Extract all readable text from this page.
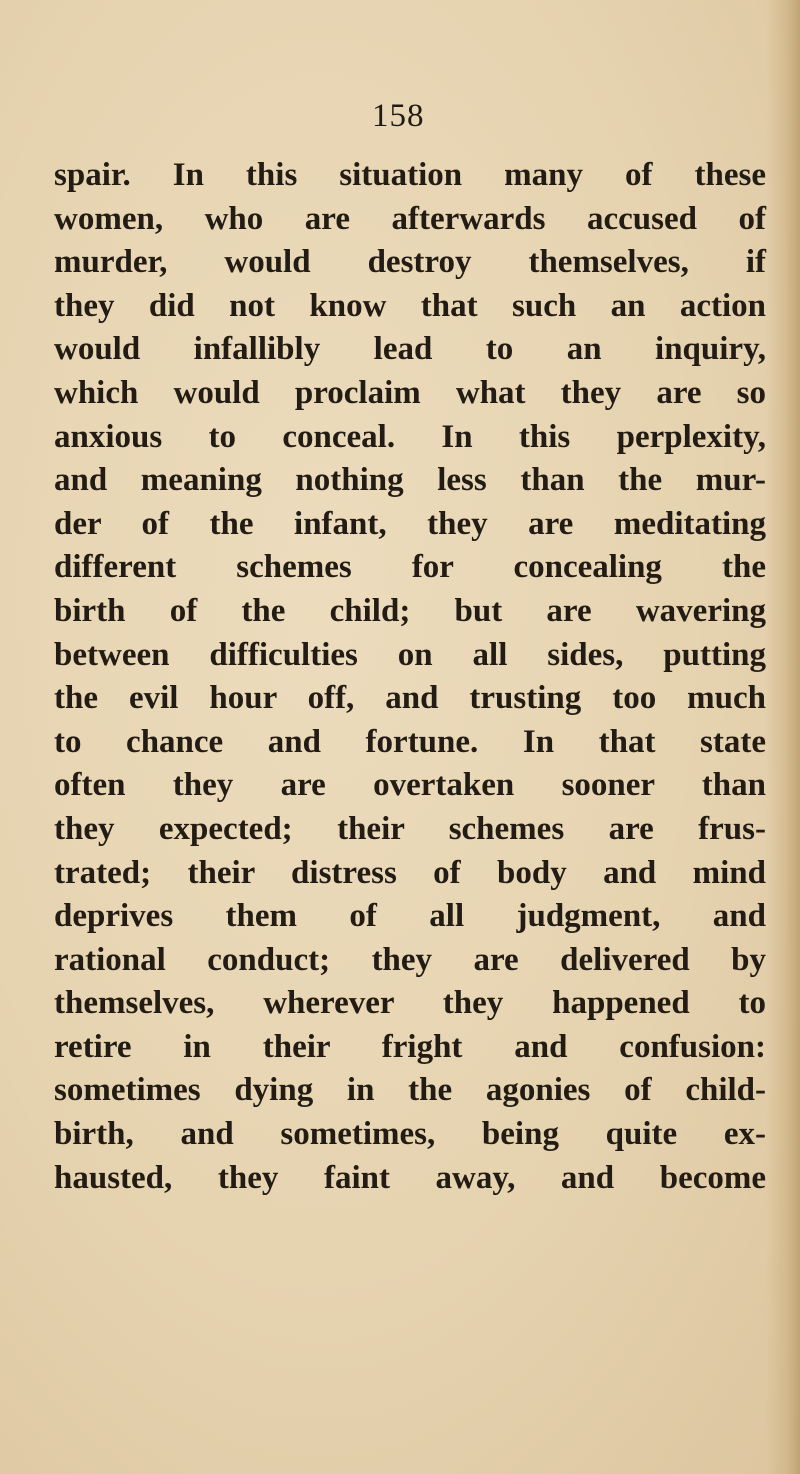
158
spair. In this situation many of these
women, who are afterwards accused of
murder, would destroy themselves, if
they did not know that such an action
would infallibly lead to an inquiry,
which would proclaim what they are so
anxious to conceal. In this perplexity,
and meaning nothing less than the mur-
der of the infant, they are meditating
different schemes for concealing the
birth of the child; but are wavering
between difficulties on all sides, putting
the evil hour off, and trusting too much
to chance and fortune. In that state
often they are overtaken sooner than
they expected; their schemes are frus-
trated; their distress of body and mind
deprives them of all judgment, and
rational conduct; they are delivered by
themselves, wherever they happened to
retire in their fright and confusion:
sometimes dying in the agonies of child-
birth, and sometimes, being quite ex-
hausted, they faint away, and become
